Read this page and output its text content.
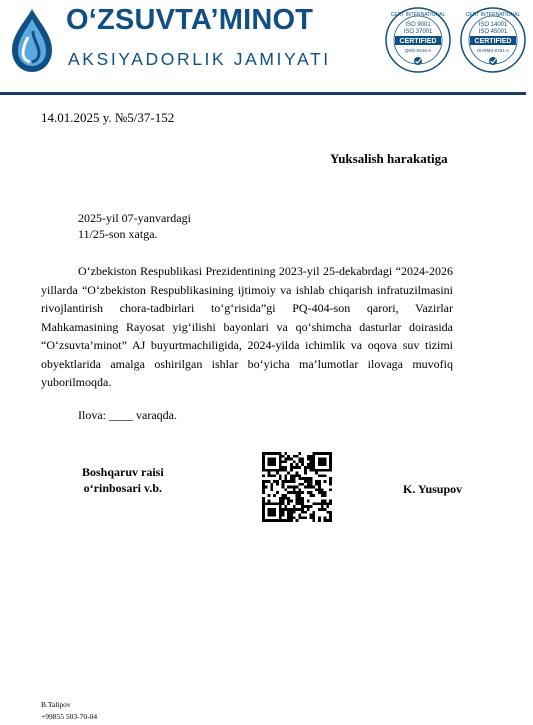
O‘ZSUVTA’MINOT
AKSIYADORLIK JAMIYATI
CERT INTERNATIONAL
ISO 9001
ISO 37001
CERTIFIED
QMS-0443-A
CERT INTERNATIONAL
ISO 14001
ISO 45001
CERTIFIED
OHSMS-0761-A
14.01.2025 y. №5/37-152
Yuksalish harakatiga
2025-yil 07-yanvardagi
11/25-son xatga.

O‘zbekiston Respublikasi Prezidentining 2023-yil 25-dekabrdagi “2024-2026 yillarda “O‘zbekiston Respublikasining ijtimoiy va ishlab chiqarish infratuzilmasini rivojlantirish chora-tadbirlari to‘g‘risida”gi PQ-404-son qarori, Vazirlar Mahkamasining Rayosat yig‘ilishi bayonlari va qo‘shimcha dasturlar doirasida “O‘zsuvta’minot” AJ buyurtmachiligida, 2024-yilda ichimlik va oqova suv tizimi obyektlarida amalga oshirilgan ishlar bo‘yicha ma’lumotlar ilovaga muvofiq yuborilmoqda.

Ilova: ____ varaqda.
Boshqaruv raisi
o‘rinbosari v.b.	K. Yusupov
B.Talipov
+99855 503-70-04
